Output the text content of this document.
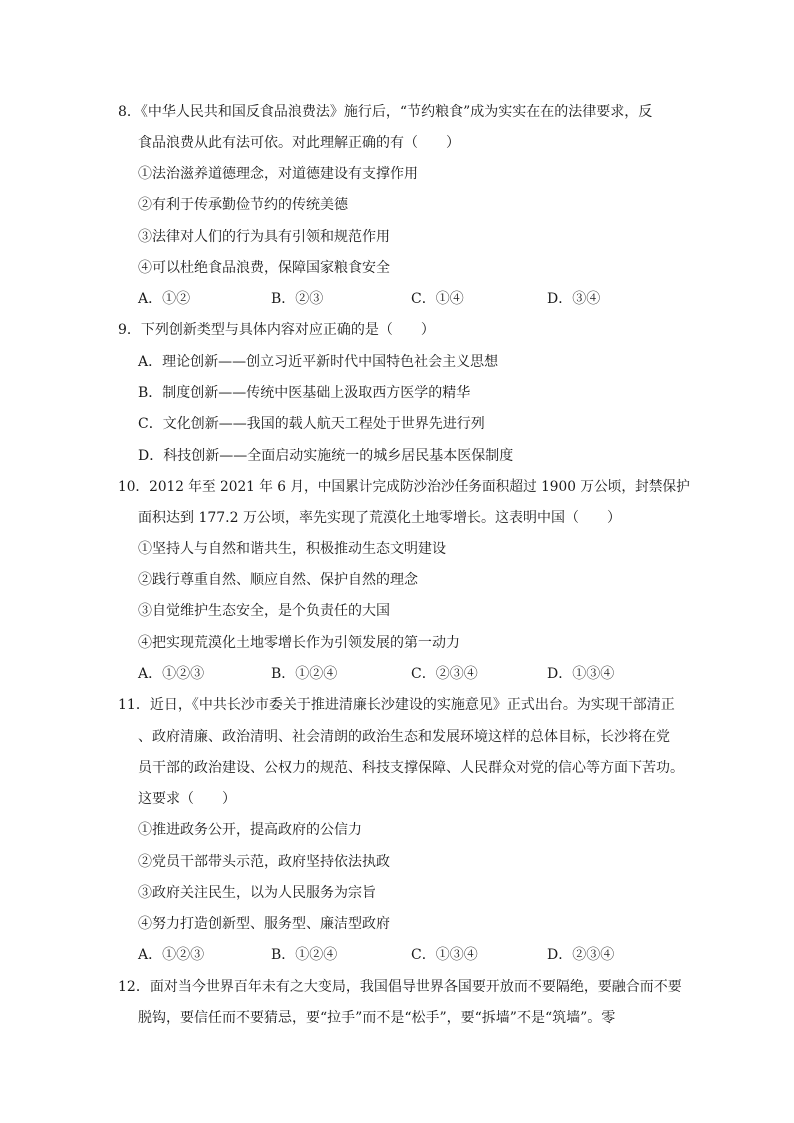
8．《中华人民共和国反食品浪费法》施行后，“节约粮食”成为实实在在的法律要求，反
食品浪费从此有法可依。对此理解正确的有（　　）
①法治滋养道德理念，对道德建设有支撑作用
②有利于传承勤俭节约的传统美德
③法律对人们的行为具有引领和规范作用
④可以杜绝食品浪费，保障国家粮食安全
A．①②	B．②③	C．①④	D．③④
9．下列创新类型与具体内容对应正确的是（　　）
A．理论创新——创立习近平新时代中国特色社会主义思想
B．制度创新——传统中医基础上汲取西方医学的精华
C．文化创新——我国的载人航天工程处于世界先进行列
D．科技创新——全面启动实施统一的城乡居民基本医保制度
10．2012 年至 2021 年 6 月，中国累计完成防沙治沙任务面积超过 1900 万公顷，封禁保护
面积达到 177.2 万公顷，率先实现了荒漠化土地零增长。这表明中国（　　）
①坚持人与自然和谐共生，积极推动生态文明建设
②践行尊重自然、顺应自然、保护自然的理念
③自觉维护生态安全，是个负责任的大国
④把实现荒漠化土地零增长作为引领发展的第一动力
A．①②③	B．①②④	C．②③④	D．①③④
11．近日，《中共长沙市委关于推进清廉长沙建设的实施意见》正式出台。为实现干部清正
、政府清廉、政治清明、社会清朗的政治生态和发展环境这样的总体目标，长沙将在党
员干部的政治建设、公权力的规范、科技支撑保障、人民群众对党的信心等方面下苦功。
这要求（　　）
①推进政务公开，提高政府的公信力
②党员干部带头示范，政府坚持依法执政
③政府关注民生，以为人民服务为宗旨
④努力打造创新型、服务型、廉洁型政府
A．①②③	B．①②④	C．①③④	D．②③④
12．面对当今世界百年未有之大变局，我国倡导世界各国要开放而不要隔绝，要融合而不要
脱钩，要信任而不要猜忌，要“拉手”而不是“松手”，要“拆墙”不是“筑墙”。零
